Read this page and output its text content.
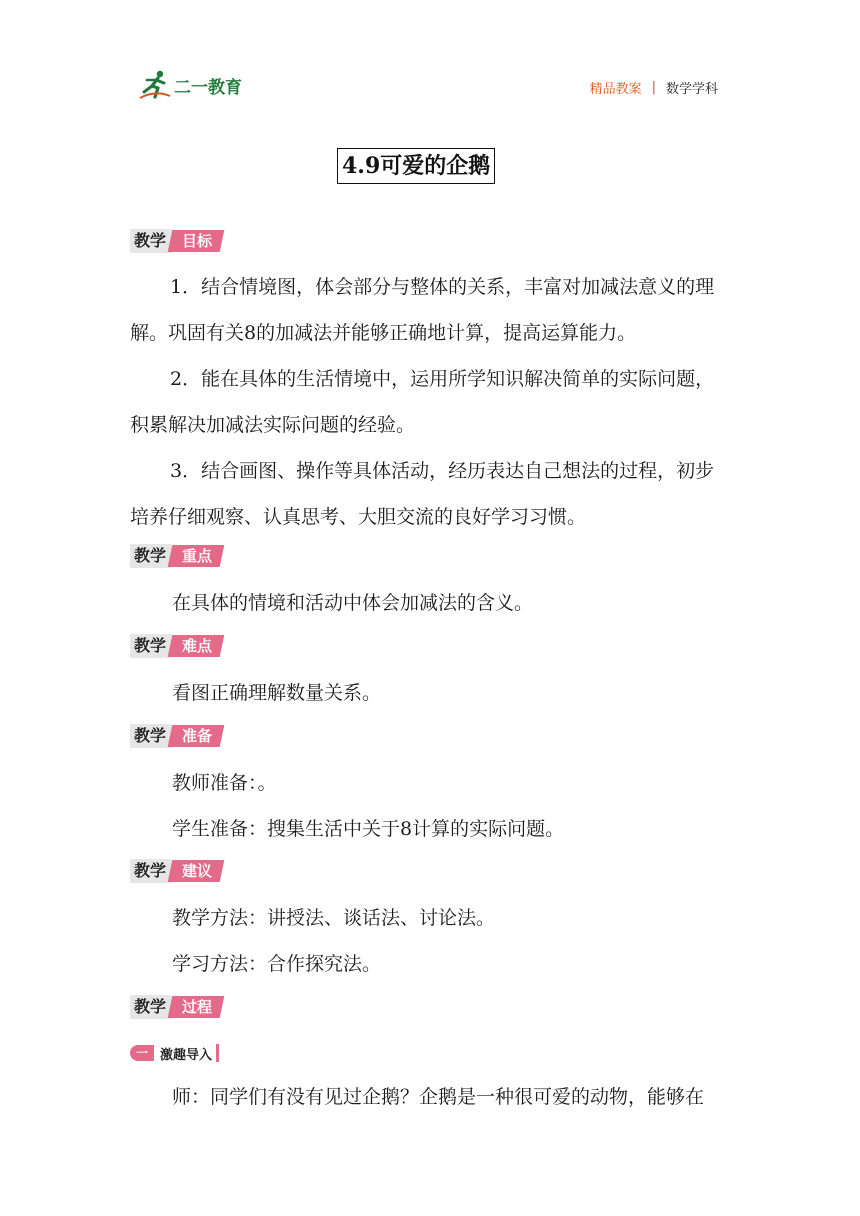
二一教育	精品教案 | 数学学科
4.9可爱的企鹅
教学	目标
1．结合情境图，体会部分与整体的关系，丰富对加减法意义的理解。巩固有关8的加减法并能够正确地计算，提高运算能力。
2．能在具体的生活情境中，运用所学知识解决简单的实际问题，积累解决加减法实际问题的经验。
3．结合画图、操作等具体活动，经历表达自己想法的过程，初步培养仔细观察、认真思考、大胆交流的良好学习习惯。
教学	重点
在具体的情境和活动中体会加减法的含义。
教学	难点
看图正确理解数量关系。
教学	准备
教师准备：。
学生准备：搜集生活中关于8计算的实际问题。
教学	建议
教学方法：讲授法、谈话法、讨论法。
学习方法：合作探究法。
教学	过程
一 激趣导入
师：同学们有没有见过企鹅？企鹅是一种很可爱的动物，能够在
